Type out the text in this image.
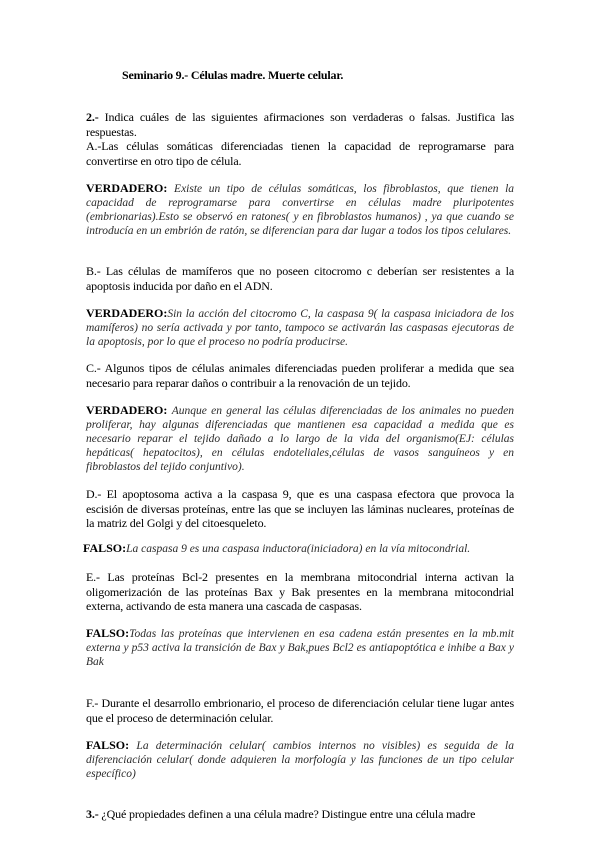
Seminario 9.- Células madre. Muerte celular.
2.- Indica cuáles de las siguientes afirmaciones son verdaderas o falsas. Justifica las respuestas.
A.-Las células somáticas diferenciadas tienen la capacidad de reprogramarse para convertirse en otro tipo de célula.
VERDADERO: Existe un tipo de células somáticas, los fibroblastos, que tienen la capacidad de reprogramarse para convertirse en células madre pluripotentes (embrionarias).Esto se observó en ratones( y en fibroblastos humanos) , ya que cuando se introducía en un embrión de ratón, se diferencian para dar lugar a todos los tipos celulares.
B.- Las células de mamíferos que no poseen citocromo c deberían ser resistentes a la apoptosis inducida por daño en el ADN.
VERDADERO:Sin la acción del citocromo C, la caspasa 9( la caspasa iniciadora de los mamíferos) no sería activada y por tanto, tampoco se activarán las caspasas ejecutoras de la apoptosis, por lo que el proceso no podría producirse.
C.- Algunos tipos de células animales diferenciadas pueden proliferar a medida que sea necesario para reparar daños o contribuir a la renovación de un tejido.
VERDADERO: Aunque en general las células diferenciadas de los animales no pueden proliferar, hay algunas diferenciadas que mantienen esa capacidad a medida que es necesario reparar el tejido dañado a lo largo de la vida del organismo(EJ: células hepáticas( hepatocitos), en células endoteliales,células de vasos sanguíneos y en fibroblastos del tejido conjuntivo).
D.- El apoptosoma activa a la caspasa 9, que es una caspasa efectora que provoca la escisión de diversas proteínas, entre las que se incluyen las láminas nucleares, proteínas de la matriz del Golgi y del citoesqueleto.
FALSO:La caspasa 9 es una caspasa inductora(iniciadora) en la vía mitocondrial.
E.- Las proteínas Bcl-2 presentes en la membrana mitocondrial interna activan la oligomerización de las proteínas Bax y Bak presentes en la membrana mitocondrial externa, activando de esta manera una cascada de caspasas.
FALSO:Todas las proteínas que intervienen en esa cadena están presentes en la mb.mit externa y p53 activa la transición de Bax y Bak,pues Bcl2 es antiapoptótica e inhibe a Bax y Bak
F.- Durante el desarrollo embrionario, el proceso de diferenciación celular tiene lugar antes que el proceso de determinación celular.
FALSO: La determinación celular( cambios internos no visibles) es seguida de la diferenciación celular( donde adquieren la morfología y las funciones de un tipo celular específico)
3.- ¿Qué propiedades definen a una célula madre? Distingue entre una célula madre
